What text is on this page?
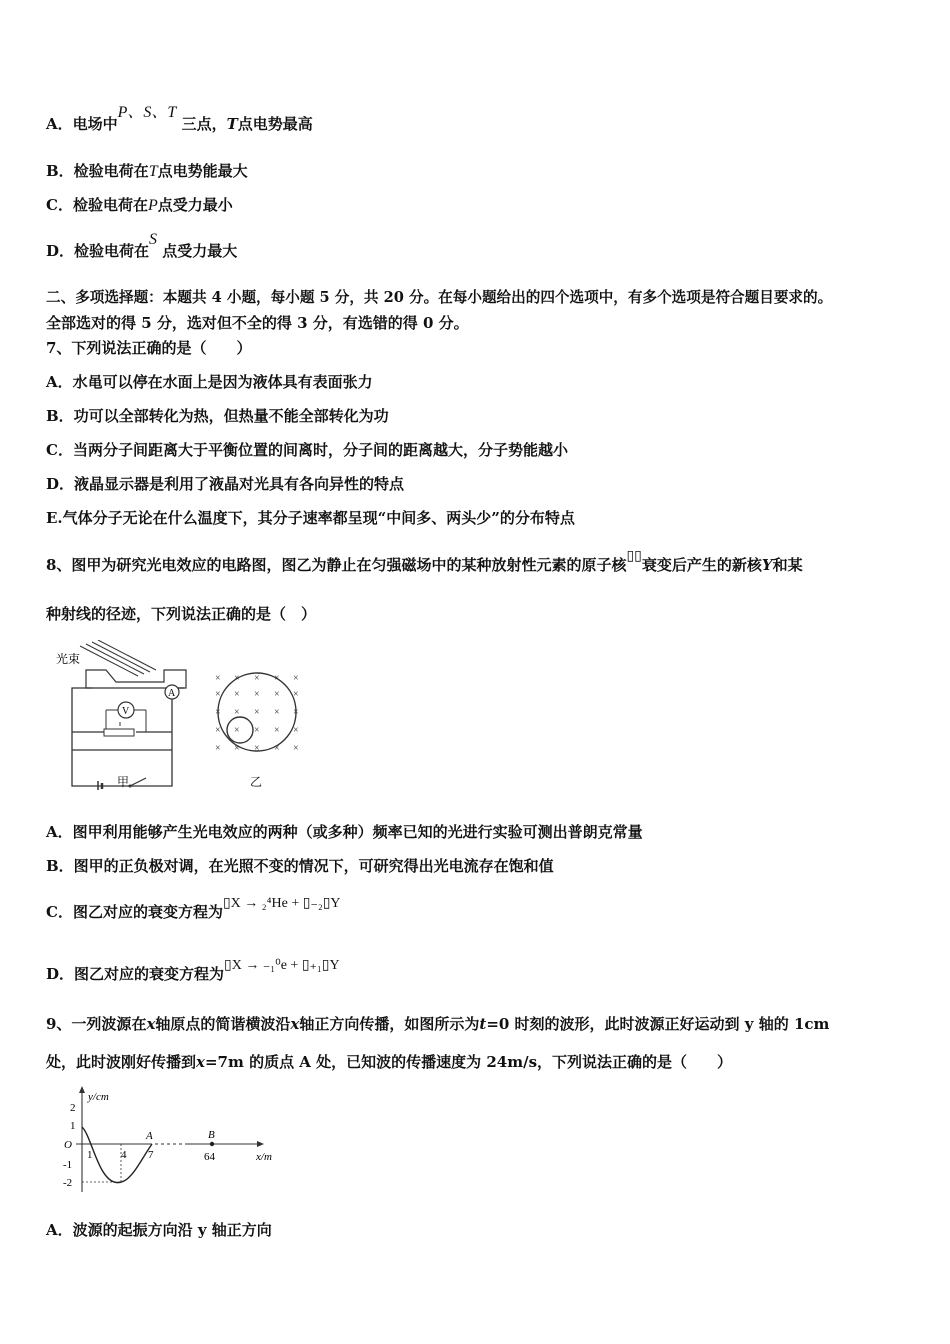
A．电场中P、S、T 三点，T点电势最高
B．检验电荷在T点电势能最大
C．检验电荷在P点受力最小
D．检验电荷在S 点受力最大
二、多项选择题：本题共 4 小题，每小题 5 分，共 20 分。在每小题给出的四个选项中，有多个选项是符合题目要求的。
全部选对的得 5 分，选对但不全的得 3 分，有选错的得 0 分。
7、下列说法正确的是（　　）
A．水黾可以停在水面上是因为液体具有表面张力
B．功可以全部转化为热，但热量不能全部转化为功
C．当两分子间距离大于平衡位置的间离时，分子间的距离越大，分子势能越小
D．液晶显示器是利用了液晶对光具有各向异性的特点
E.气体分子无论在什么温度下，其分子速率都呈现“中间多、两头少”的分布特点
8、图甲为研究光电效应的电路图，图乙为静止在匀强磁场中的某种放射性元素的原子核▯▯衰变后产生的新核Y和某
种射线的径迹，下列说法正确的是（　）
光束
A
V
甲
× × × × ×
× × × × ×
× × × × ×
× × × × ×
× × × × ×
乙
A．图甲利用能够产生光电效应的两种（或多种）频率已知的光进行实验可测出普朗克常量
B．图甲的正负极对调，在光照不变的情况下，可研究得出光电流存在饱和值
C．图乙对应的衰变方程为▯X → ₂⁴He + ▯₋₂▯Y
D．图乙对应的衰变方程为▯X → ₋₁⁰e + ▯₊₁▯Y
9、一列波源在x轴原点的简谐横波沿x轴正方向传播，如图所示为t=0 时刻的波形，此时波源正好运动到 y 轴的 1cm
处，此时波刚好传播到x=7m 的质点 A 处，已知波的传播速度为 24m/s，下列说法正确的是（　　）
y/cm
x/m
O
2
1
-1
-2
1	4 7
A	B
64
A．波源的起振方向沿 y 轴正方向
